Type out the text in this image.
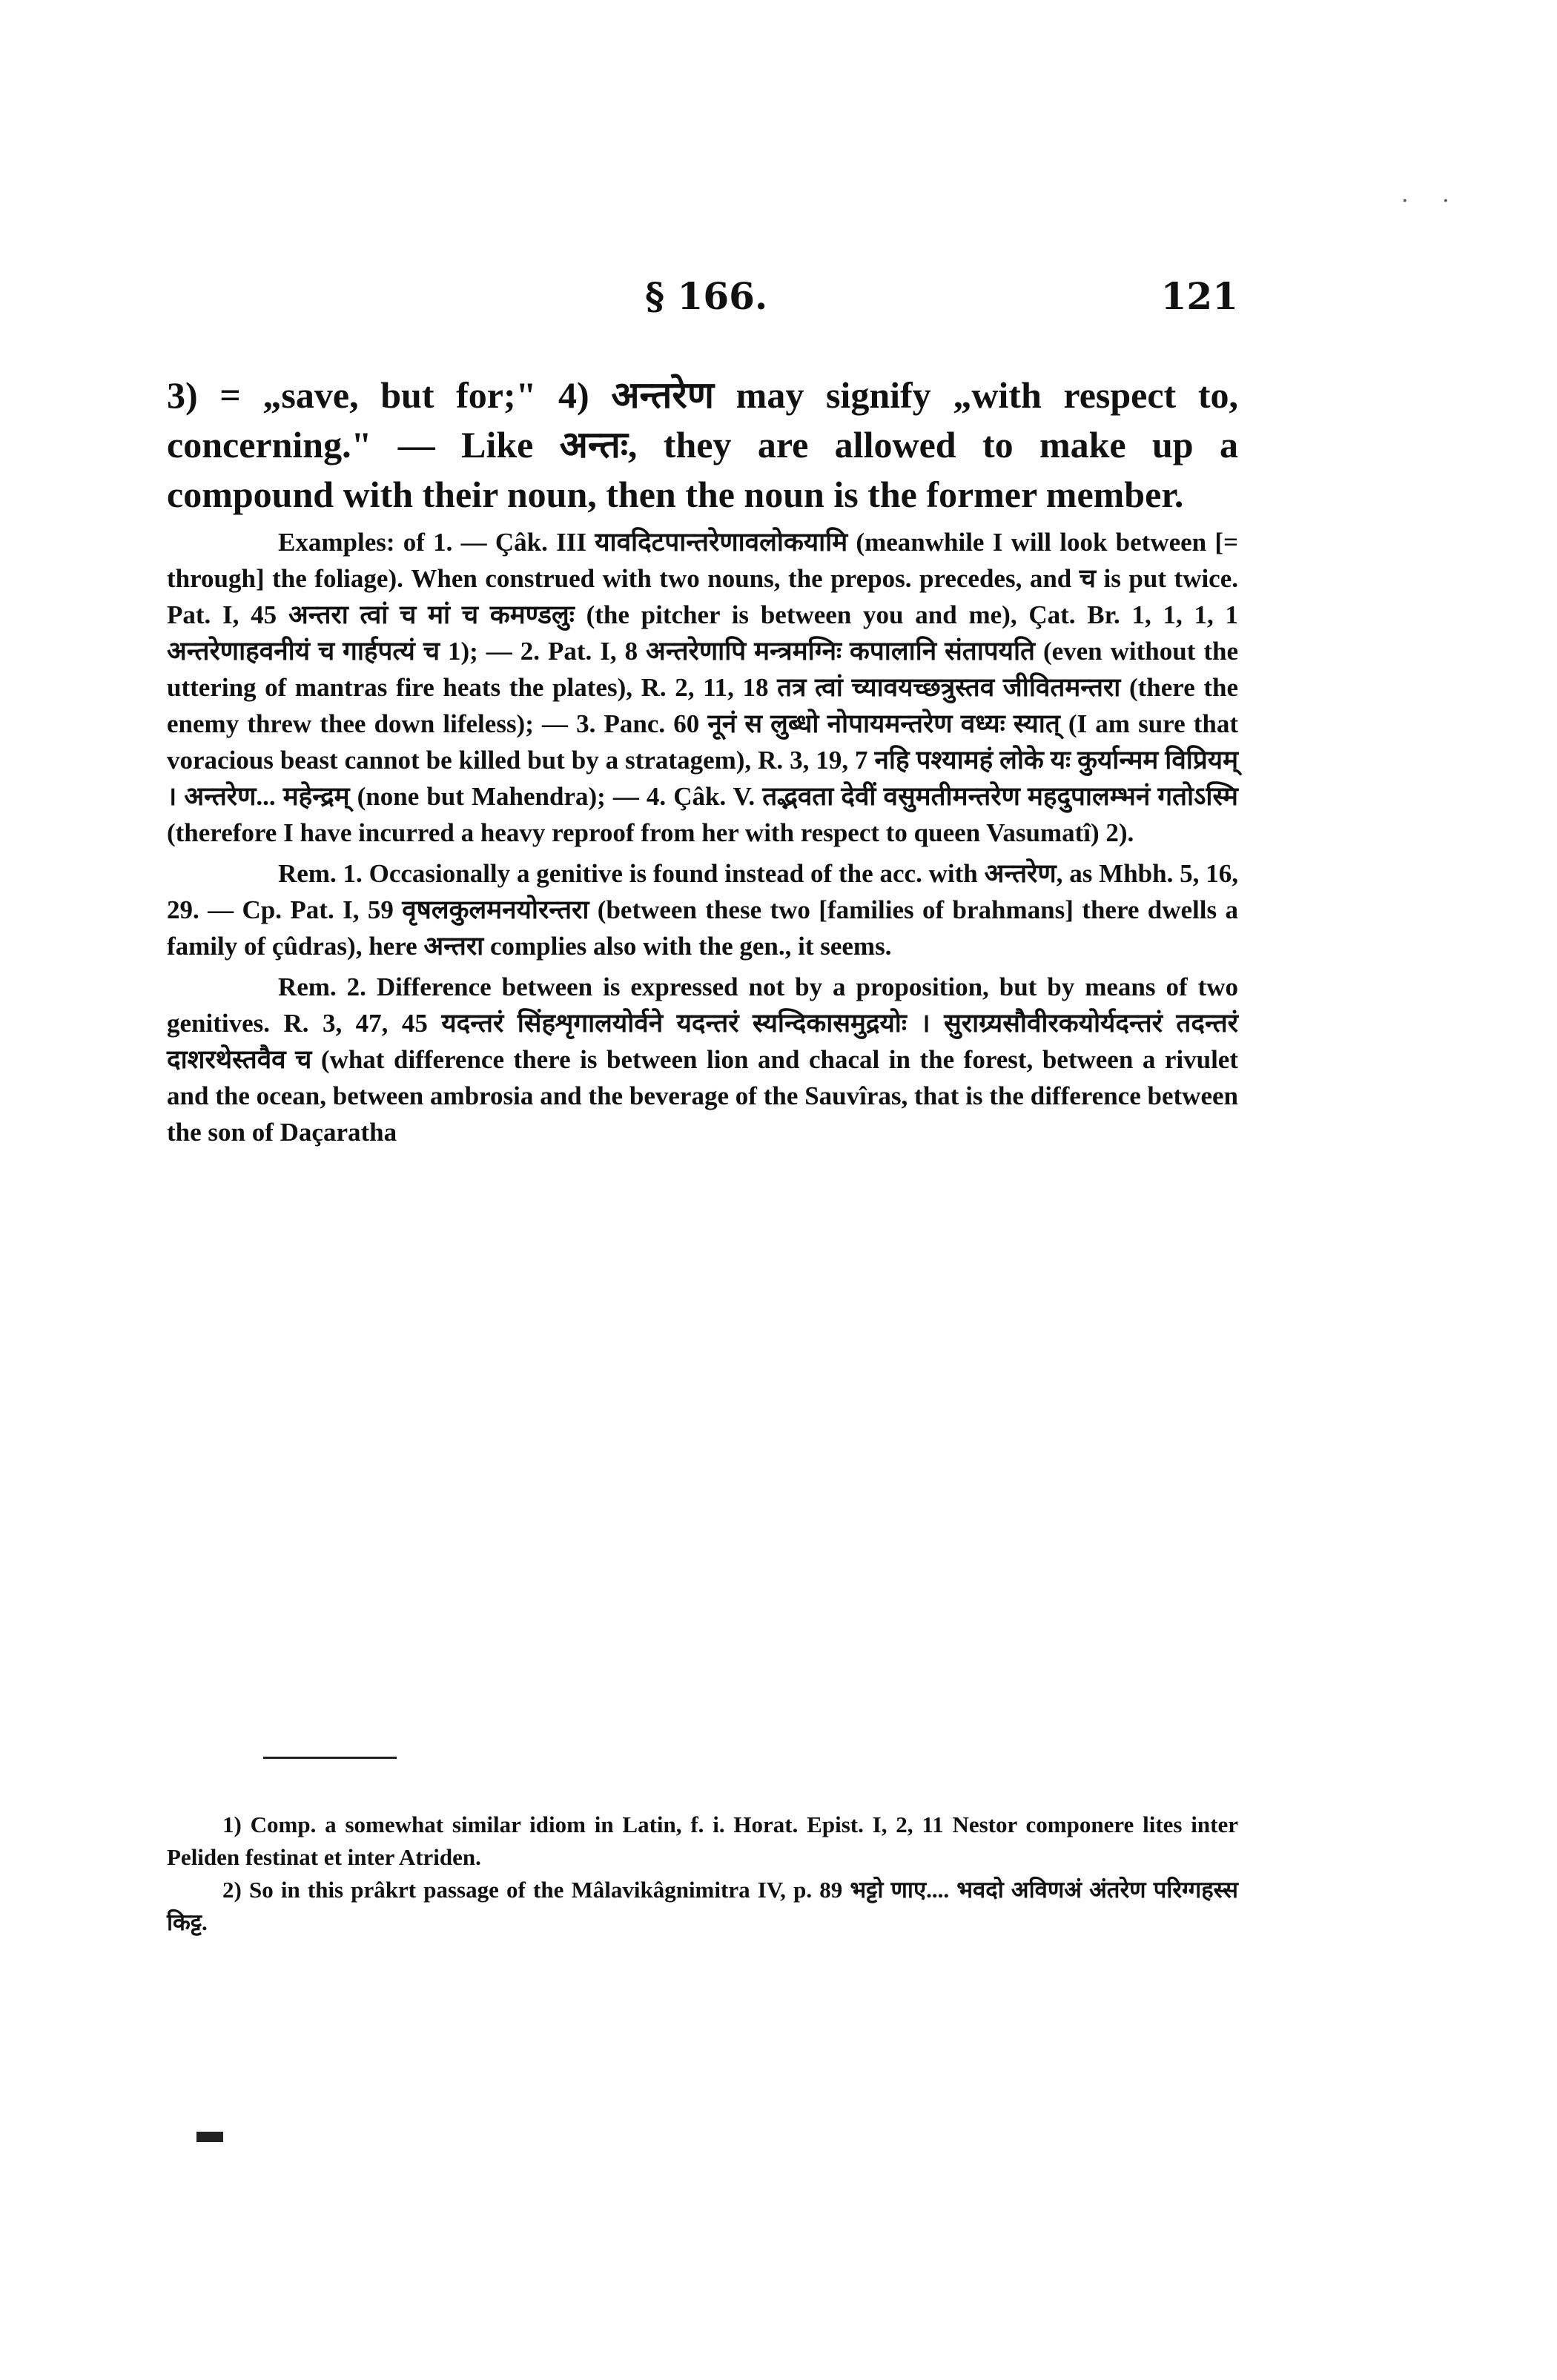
. .
§ 166.	121

3) = „save, but for;" 4) अन्तरेण may signify „with respect to, concerning." — Like अन्तः, they are allowed to make up a compound with their noun, then the noun is the former member.

Examples: of 1. — Çâk. III यावदिटपान्तरेणावलोकयामि (meanwhile I will look between [= through] the foliage). When construed with two nouns, the prepos. precedes, and च is put twice. Pat. I, 45 अन्तरा त्वां च मां च कमण्डलुः (the pitcher is between you and me), Çat. Br. 1, 1, 1, 1 अन्तरेणाहवनीयं च गार्हपत्यं च 1); — 2. Pat. I, 8 अन्तरेणापि मन्त्रमग्निः कपालानि संतापयति (even without the uttering of mantras fire heats the plates), R. 2, 11, 18 तत्र त्वां च्यावयच्छत्रुस्तव जीवितमन्तरा (there the enemy threw thee down lifeless); — 3. Panc. 60 नूनं स लुब्धो नोपायमन्तरेण वध्यः स्यात् (I am sure that voracious beast cannot be killed but by a stratagem), R. 3, 19, 7 नहि पश्यामहं लोके यः कुर्यान्मम विप्रियम् । अन्तरेण... महेन्द्रम् (none but Mahendra); — 4. Çâk. V. तद्भवता देवीं वसुमतीमन्तरेण महदुपालम्भनं गतोऽस्मि (therefore I have incurred a heavy reproof from her with respect to queen Vasumatî) 2).

Rem. 1. Occasionally a genitive is found instead of the acc. with अन्तरेण, as Mhbh. 5, 16, 29. — Cp. Pat. I, 59 वृषलकुलमनयोरन्तरा (between these two [families of brahmans] there dwells a family of çûdras), here अन्तरा complies also with the gen., it seems.

Rem. 2. Difference between is expressed not by a proposition, but by means of two genitives. R. 3, 47, 45 यदन्तरं सिंहशृगालयोर्वने यदन्तरं स्यन्दिकासमुद्रयोः । सुराग्र्यसौवीरकयोर्यदन्तरं तदन्तरं दाशरथेस्तवैव च (what difference there is between lion and chacal in the forest, between a rivulet and the ocean, between ambrosia and the beverage of the Sauvîras, that is the difference between the son of Daçaratha

1) Comp. a somewhat similar idiom in Latin, f. i. Horat. Epist. I, 2, 11 Nestor componere lites inter Peliden festinat et inter Atriden.

2) So in this prâkrt passage of the Mâlavikâgnimitra IV, p. 89 भट्टो णाए.... भवदो अविणअं अंतरेण परिग्गहस्स किट्ट.
